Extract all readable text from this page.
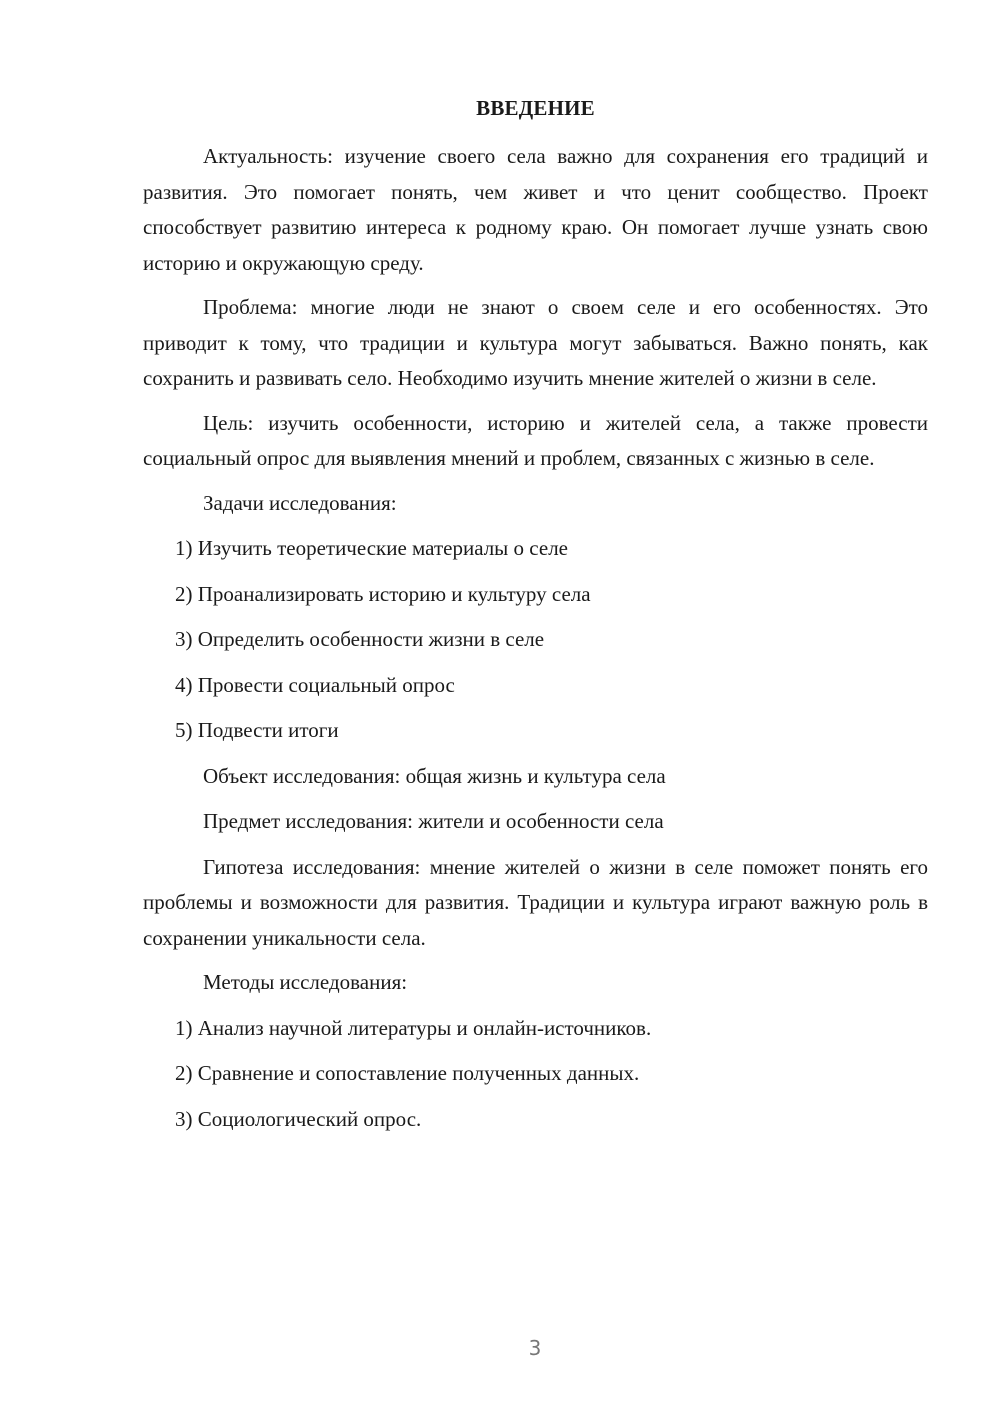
ВВЕДЕНИЕ

Актуальность: изучение своего села важно для сохранения его традиций и развития. Это помогает понять, чем живет и что ценит сообщество. Проект способствует развитию интереса к родному краю. Он помогает лучше узнать свою историю и окружающую среду.

Проблема: многие люди не знают о своем селе и его особенностях. Это приводит к тому, что традиции и культура могут забываться. Важно понять, как сохранить и развивать село. Необходимо изучить мнение жителей о жизни в селе.

Цель: изучить особенности, историю и жителей села, а также провести социальный опрос для выявления мнений и проблем, связанных с жизнью в селе.

Задачи исследования:
1) Изучить теоретические материалы о селе
2) Проанализировать историю и культуру села
3) Определить особенности жизни в селе
4) Провести социальный опрос
5) Подвести итоги
Объект исследования: общая жизнь и культура села
Предмет исследования: жители и особенности села

Гипотеза исследования: мнение жителей о жизни в селе поможет понять его проблемы и возможности для развития. Традиции и культура играют важную роль в сохранении уникальности села.

Методы исследования:
1) Анализ научной литературы и онлайн-источников.
2) Сравнение и сопоставление полученных данных.
3) Социологический опрос.
3
